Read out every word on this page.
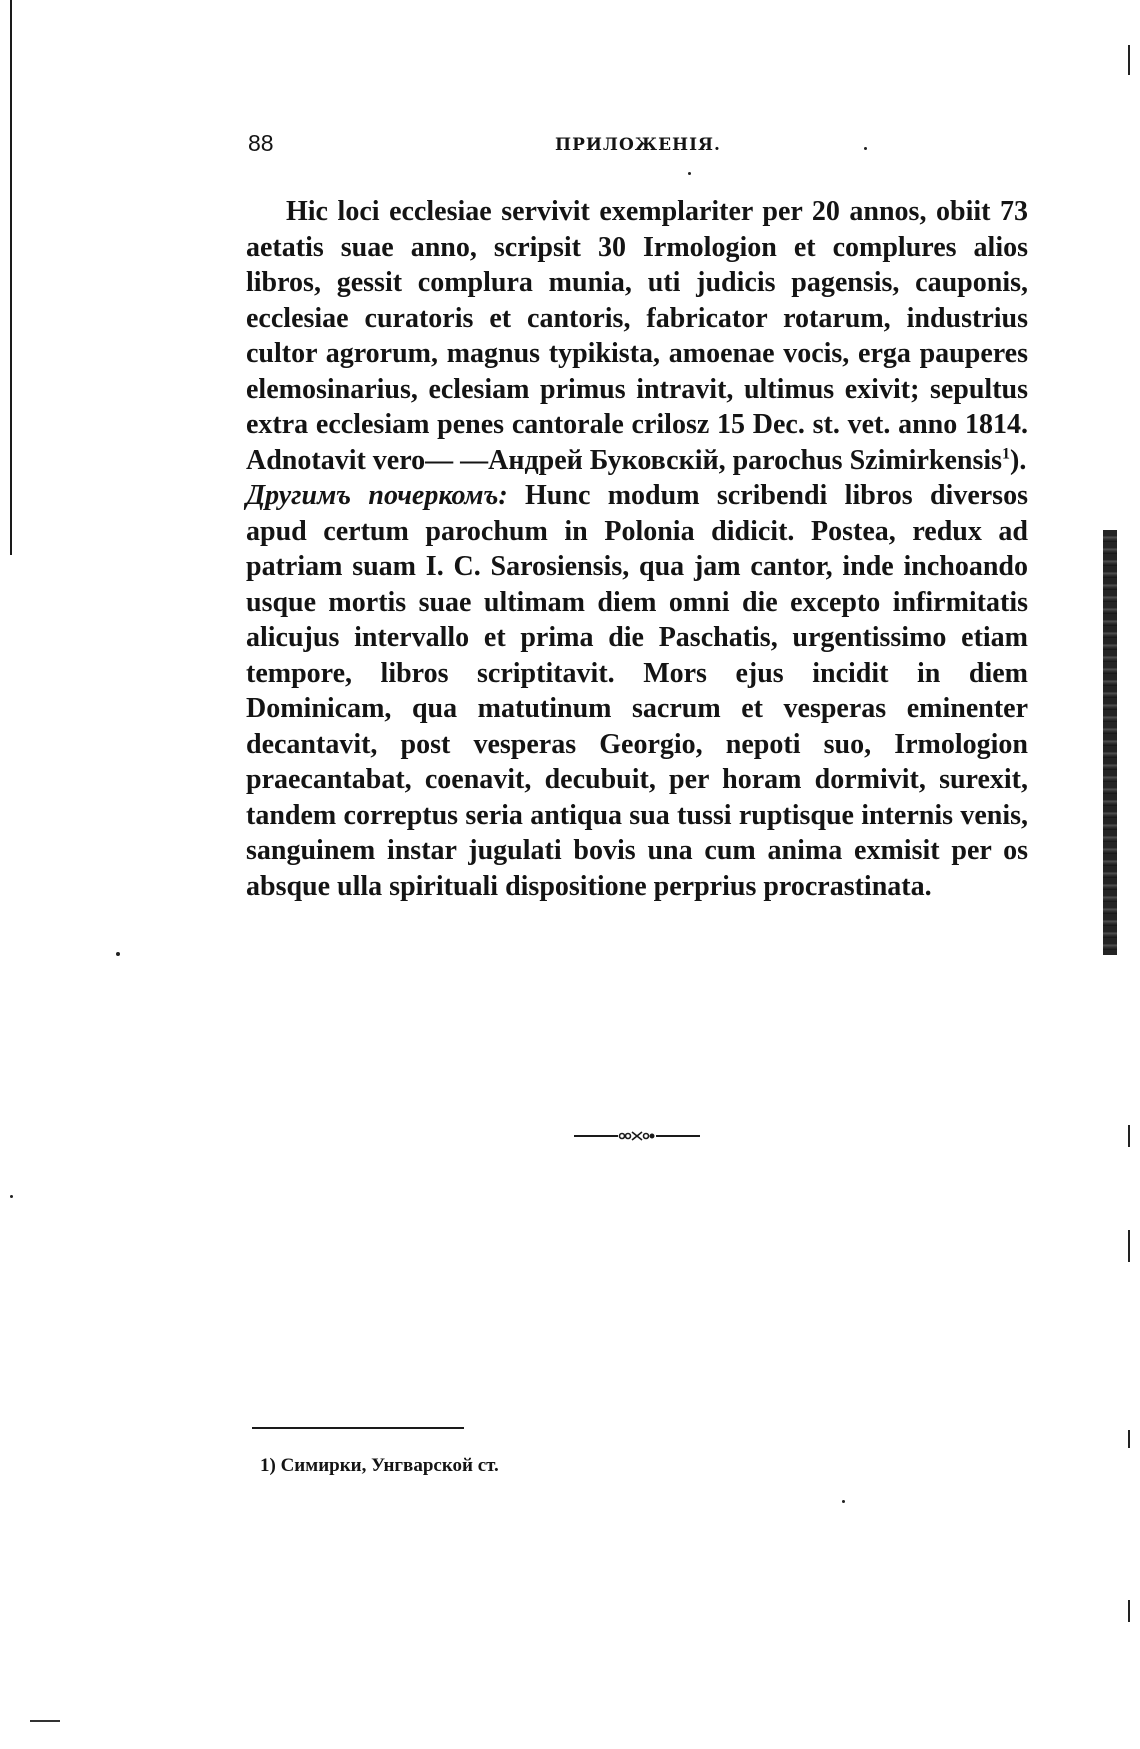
88	ПРИЛОЖЕНІЯ.

Hic loci ecclesiae servivit exemplariter per 20 annos, obiit 73 aetatis suae anno, scripsit 30 Irmologion et complures alios libros, gessit complura munia, uti judicis pagensis, cauponis, ecclesiae curatoris et cantoris, fabricator rotarum, industrius cultor agrorum, magnus typikista, amoenae vocis, erga pauperes elemosinarius, eclesiam primus intravit, ultimus exivit; sepultus extra ecclesiam penes cantorale crilosz 15 Dec. st. vet. anno 1814. Adnotavit vero— —Андрей Буковскій, parochus Szimirkensis$^1$).

Другимъ почеркомъ: Hunc modum scribendi libros diversos apud certum parochum in Polonia didicit. Postea, redux ad patriam suam I. C. Sarosiensis, qua jam cantor, inde inchoando usque mortis suae ultimam diem omni die excepto infirmitatis alicujus intervallo et prima die Paschatis, urgentissimo etiam tempore, libros scriptitavit. Mors ejus incidit in diem Dominicam, qua matutinum sacrum et vesperas eminenter decantavit, post vesperas Georgio, nepoti suo, Irmologion praecantabat, coenavit, decubuit, per horam dormivit, surexit, tandem correptus seria antiqua sua tussi ruptisque internis venis, sanguinem instar jugulati bovis una cum anima exmisit per os absque ulla spirituali dispositione perprius procrastinata.

1) Симирки, Унгварской ст.
